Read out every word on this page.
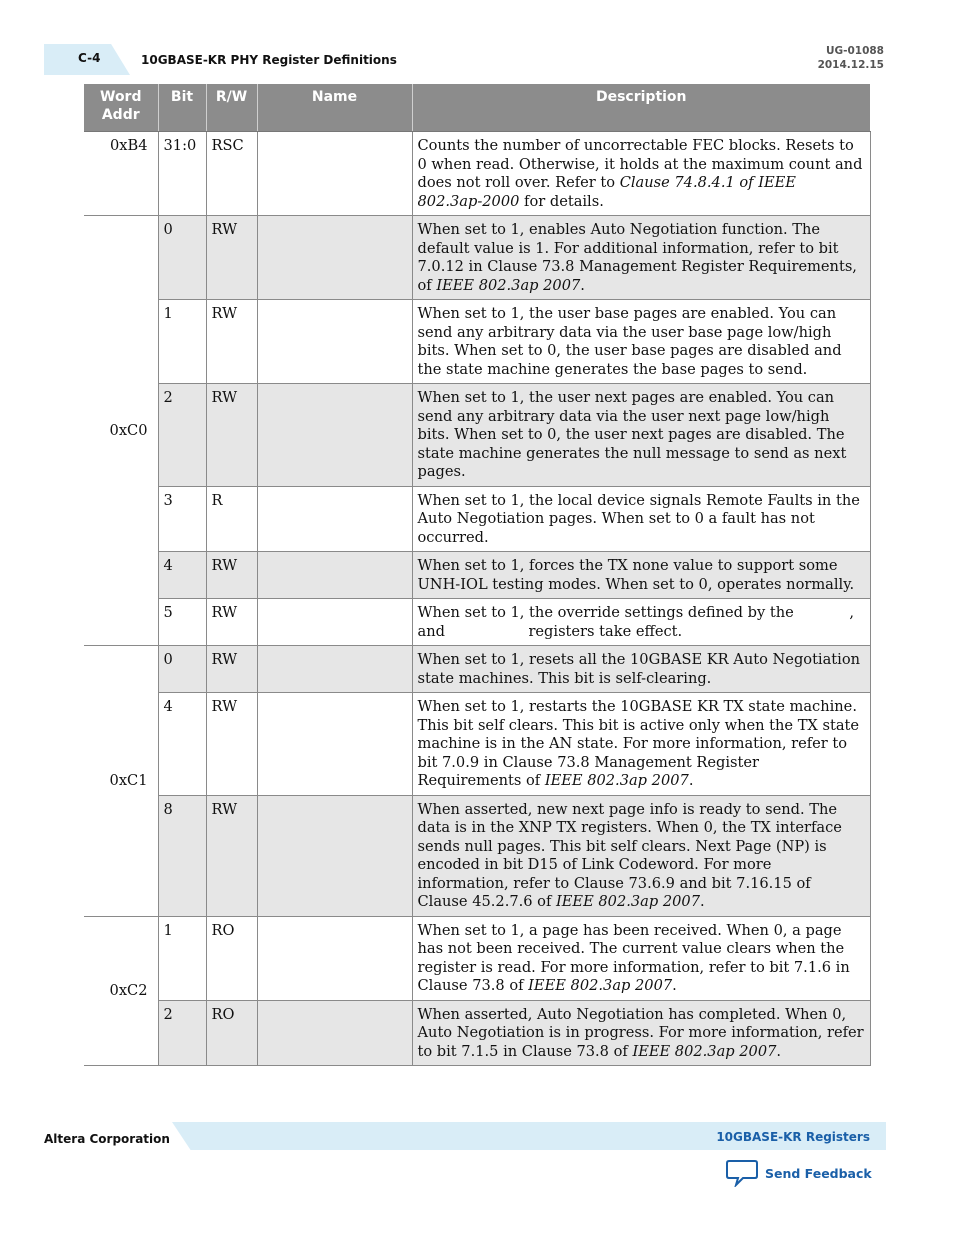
C-4	10GBASE-KR PHY Register Definitions
UG-01088
2014.12.15
Word Addr	Bit	R/W	Name	Description
0xB4	31:0	RSC		Counts the number of uncorrectable FEC blocks. Resets to 0 when read. Otherwise, it holds at the maximum count and does not roll over. Refer to Clause 74.8.4.1 of IEEE 802.3ap-2000 for details.
0xC0	0	RW		When set to 1, enables Auto Negotiation function. The default value is 1. For additional information, refer to bit 7.0.12 in Clause 73.8 Management Register Requirements, of IEEE 802.3ap 2007.
	1	RW		When set to 1, the user base pages are enabled. You can send any arbitrary data via the user base page low/high bits. When set to 0, the user base pages are disabled and the state machine generates the base pages to send.
	2	RW		When set to 1, the user next pages are enabled. You can send any arbitrary data via the user next page low/high bits. When set to 0, the user next pages are disabled. The state machine generates the null message to send as next pages.
	3	R		When set to 1, the local device signals Remote Faults in the Auto Negotiation pages. When set to 0 a fault has not occurred.
	4	RW		When set to 1, forces the TX none value to support some UNH-IOL testing modes. When set to 0, operates normally.
	5	RW		When set to 1, the override settings defined by the            ,            and                  registers take effect.
0xC1	0	RW		When set to 1, resets all the 10GBASE KR Auto Negotiation state machines. This bit is self-clearing.
	4	RW		When set to 1, restarts the 10GBASE KR TX state machine. This bit self clears. This bit is active only when the TX state machine is in the AN state. For more information, refer to bit 7.0.9 in Clause 73.8 Management Register Requirements of IEEE 802.3ap 2007.
	8	RW		When asserted, new next page info is ready to send. The data is in the XNP TX registers. When 0, the TX interface sends null pages. This bit self clears. Next Page (NP) is encoded in bit D15 of Link Codeword. For more information, refer to Clause 73.6.9 and bit 7.16.15 of Clause 45.2.7.6 of IEEE 802.3ap 2007.
0xC2	1	RO		When set to 1, a page has been received. When 0, a page has not been received. The current value clears when the register is read. For more information, refer to bit 7.1.6 in Clause 73.8 of IEEE 802.3ap 2007.
	2	RO		When asserted, Auto Negotiation has completed. When 0, Auto Negotiation is in progress. For more information, refer to bit 7.1.5 in Clause 73.8 of IEEE 802.3ap 2007.
Altera Corporation	10GBASE-KR Registers
Send Feedback
